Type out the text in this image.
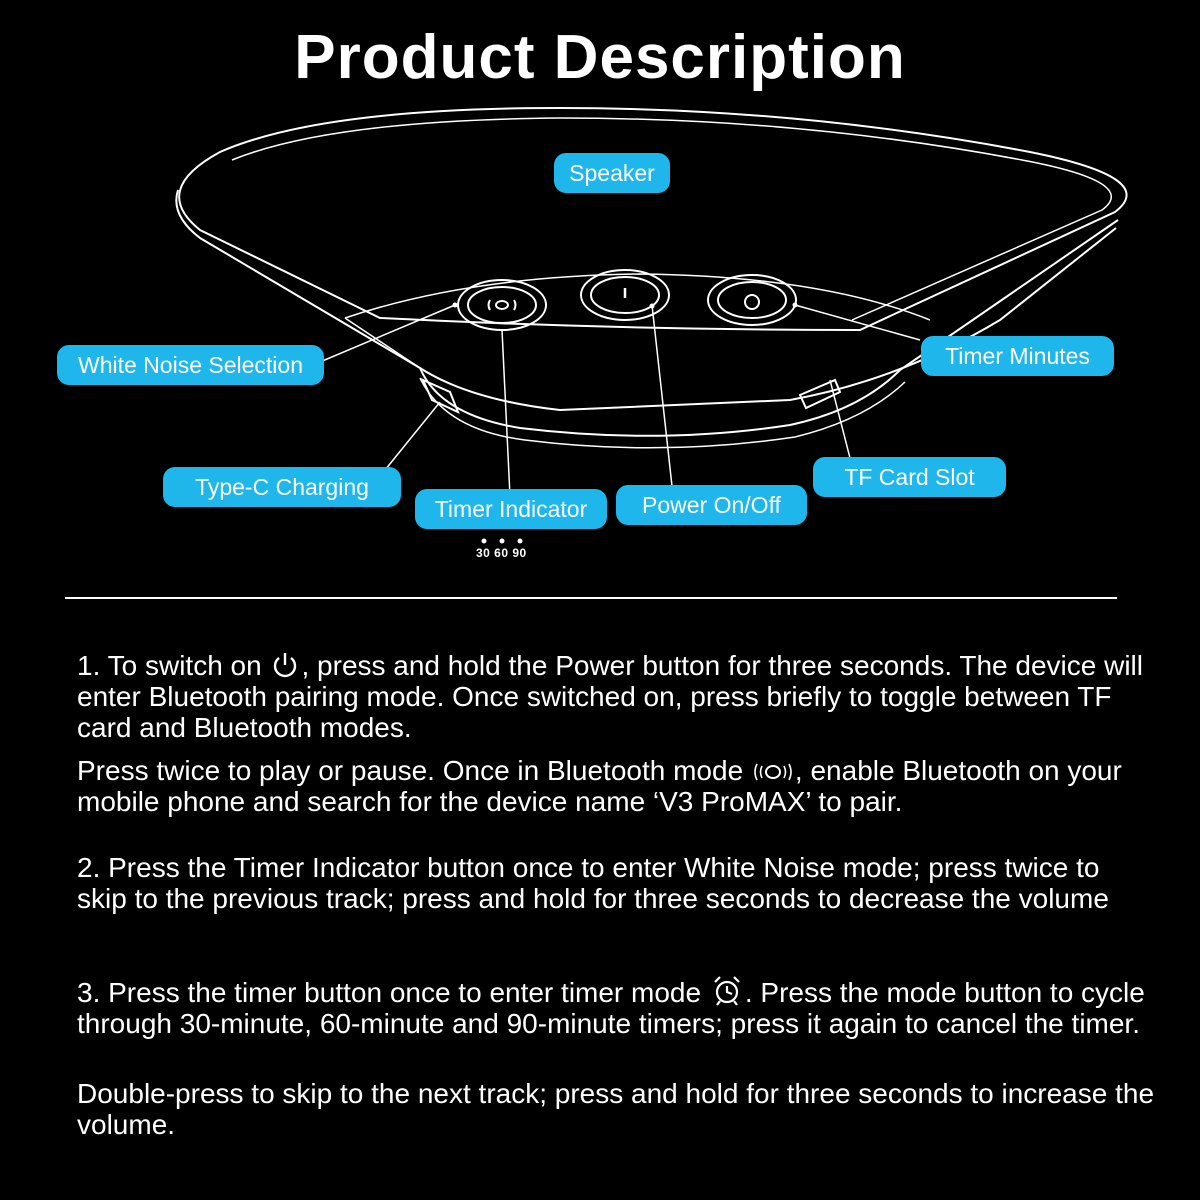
Product Description
Speaker
White Noise Selection	Timer Minutes
Type-C Charging
Timer Indicator	Power On/Off
TF Card Slot
30 60 90
1. To switch on , press and hold the Power button for three seconds. The device will enter Bluetooth pairing mode. Once switched on, press briefly to toggle between TF card and Bluetooth modes.
Press twice to play or pause. Once in Bluetooth mode , enable Bluetooth on your mobile phone and search for the device name ‘V3 ProMAX’ to pair.
2. Press the Timer Indicator button once to enter White Noise mode; press twice to skip to the previous track; press and hold for three seconds to decrease the volume
3. Press the timer button once to enter timer mode . Press the mode button to cycle through 30-minute, 60-minute and 90-minute timers; press it again to cancel the timer.
Double-press to skip to the next track; press and hold for three seconds to increase the volume.
